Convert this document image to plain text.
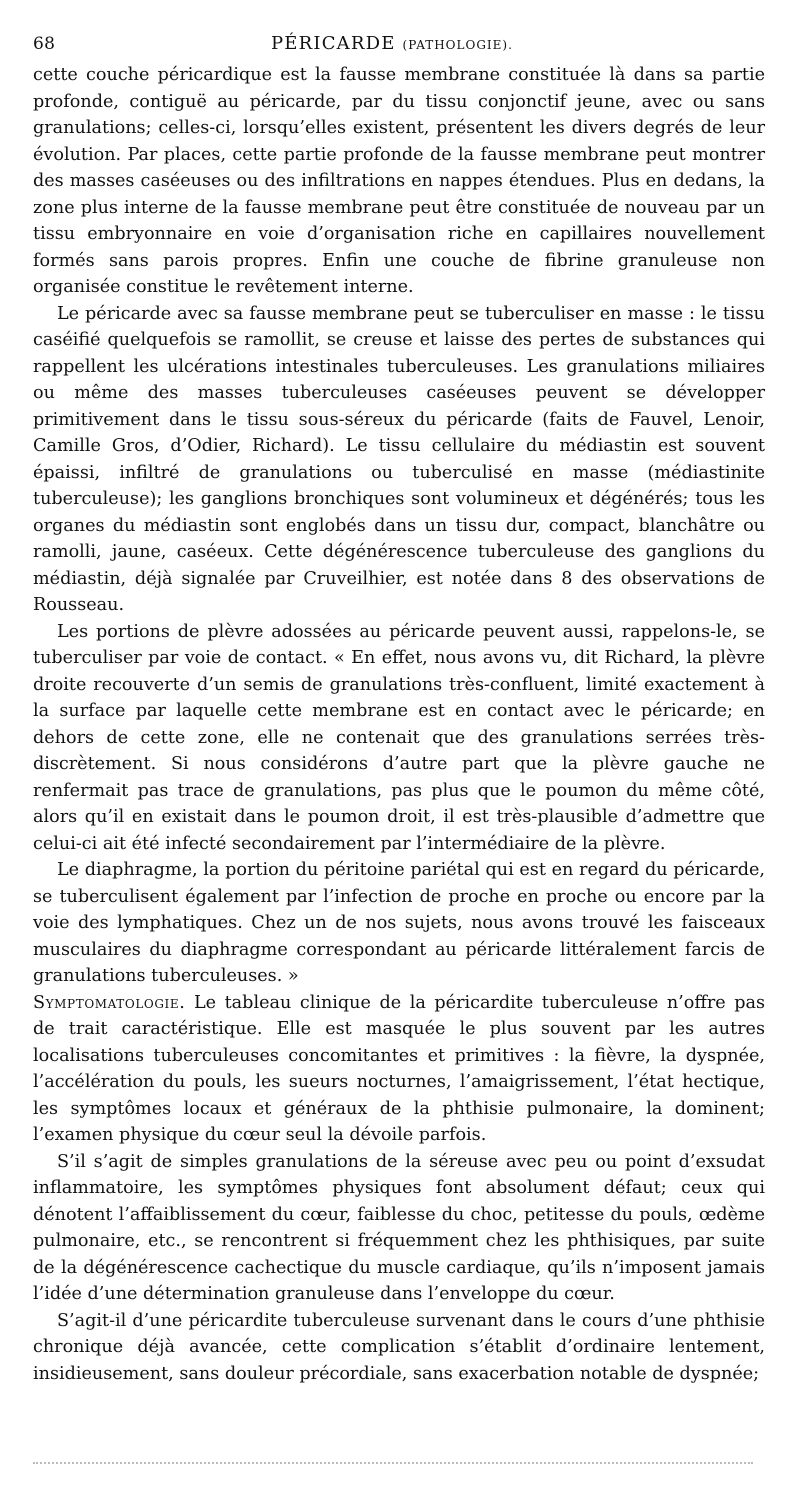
68	PÉRICARDE (PATHOLOGIE).

cette couche péricardique est la fausse membrane constituée là dans sa partie profonde, contiguë au péricarde, par du tissu conjonctif jeune, avec ou sans granulations; celles-ci, lorsqu’elles existent, présentent les divers degrés de leur évolution. Par places, cette partie profonde de la fausse membrane peut montrer des masses caséeuses ou des infiltrations en nappes étendues. Plus en dedans, la zone plus interne de la fausse membrane peut être constituée de nouveau par un tissu embryonnaire en voie d’organisation riche en capillaires nouvellement formés sans parois propres. Enfin une couche de fibrine granuleuse non organisée constitue le revêtement interne.

Le péricarde avec sa fausse membrane peut se tuberculiser en masse : le tissu caséifié quelquefois se ramollit, se creuse et laisse des pertes de substances qui rappellent les ulcérations intestinales tuberculeuses. Les granulations miliaires ou même des masses tuberculeuses caséeuses peuvent se développer primitivement dans le tissu sous-séreux du péricarde (faits de Fauvel, Lenoir, Camille Gros, d’Odier, Richard). Le tissu cellulaire du médiastin est souvent épaissi, infiltré de granulations ou tuberculisé en masse (médiastinite tuberculeuse); les ganglions bronchiques sont volumineux et dégénérés; tous les organes du médiastin sont englobés dans un tissu dur, compact, blanchâtre ou ramolli, jaune, caséeux. Cette dégénérescence tuberculeuse des ganglions du médiastin, déjà signalée par Cruveilhier, est notée dans 8 des observations de Rousseau.

Les portions de plèvre adossées au péricarde peuvent aussi, rappelons-le, se tuberculiser par voie de contact. « En effet, nous avons vu, dit Richard, la plèvre droite recouverte d’un semis de granulations très-confluent, limité exactement à la surface par laquelle cette membrane est en contact avec le péricarde; en dehors de cette zone, elle ne contenait que des granulations serrées très-discrètement. Si nous considérons d’autre part que la plèvre gauche ne renfermait pas trace de granulations, pas plus que le poumon du même côté, alors qu’il en existait dans le poumon droit, il est très-plausible d’admettre que celui-ci ait été infecté secondairement par l’intermédiaire de la plèvre.

Le diaphragme, la portion du péritoine pariétal qui est en regard du péricarde, se tuberculisent également par l’infection de proche en proche ou encore par la voie des lymphatiques. Chez un de nos sujets, nous avons trouvé les faisceaux musculaires du diaphragme correspondant au péricarde littéralement farcis de granulations tuberculeuses. »

Symptomatologie. Le tableau clinique de la péricardite tuberculeuse n’offre pas de trait caractéristique. Elle est masquée le plus souvent par les autres localisations tuberculeuses concomitantes et primitives : la fièvre, la dyspnée, l’accélération du pouls, les sueurs nocturnes, l’amaigrissement, l’état hectique, les symptômes locaux et généraux de la phthisie pulmonaire, la dominent; l’examen physique du cœur seul la dévoile parfois.

S’il s’agit de simples granulations de la séreuse avec peu ou point d’exsudat inflammatoire, les symptômes physiques font absolument défaut; ceux qui dénotent l’affaiblissement du cœur, faiblesse du choc, petitesse du pouls, œdème pulmonaire, etc., se rencontrent si fréquemment chez les phthisiques, par suite de la dégénérescence cachectique du muscle cardiaque, qu’ils n’imposent jamais l’idée d’une détermination granuleuse dans l’enveloppe du cœur.

S’agit-il d’une péricardite tuberculeuse survenant dans le cours d’une phthisie chronique déjà avancée, cette complication s’établit d’ordinaire lentement, insidieusement, sans douleur précordiale, sans exacerbation notable de dyspnée;
